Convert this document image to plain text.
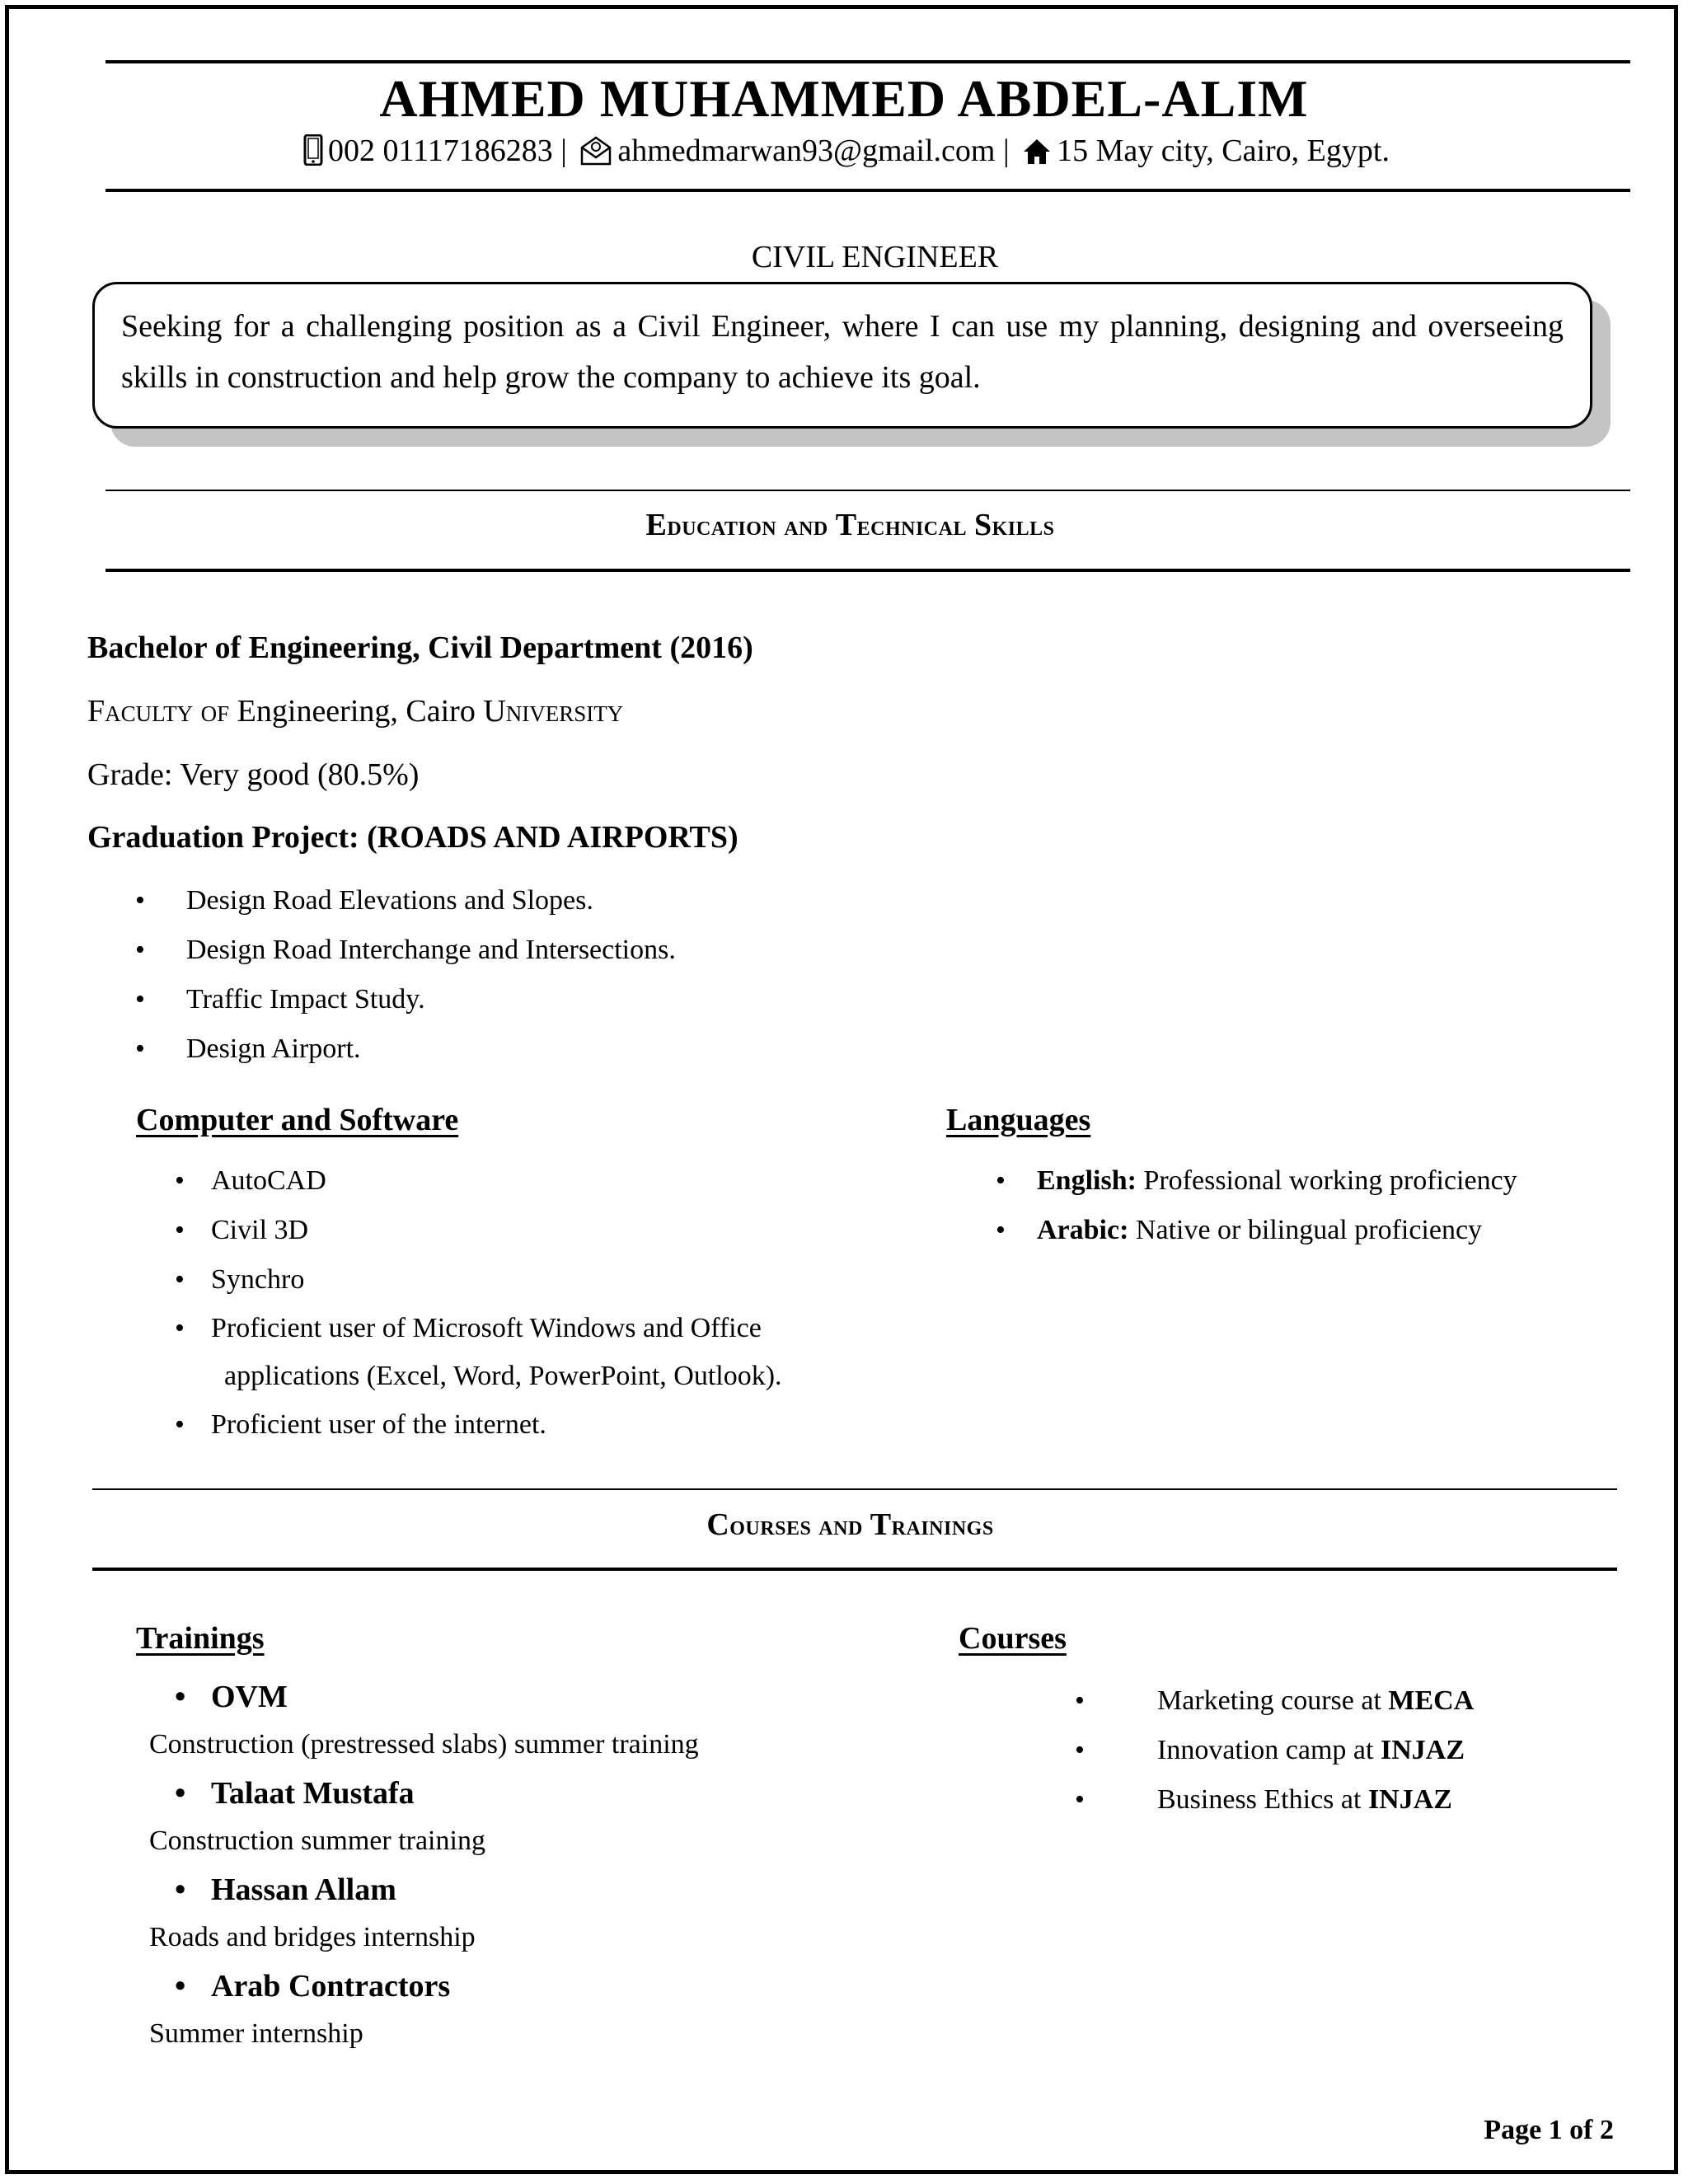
AHMED MUHAMMED ABDEL-ALIM
002 01117186283 | ahmedmarwan93@gmail.com | 15 May city, Cairo, Egypt.
CIVIL ENGINEER
Seeking for a challenging position as a Civil Engineer, where I can use my planning, designing and overseeing skills in construction and help grow the company to achieve its goal.
Education and Technical Skills
Bachelor of Engineering, Civil Department (2016)
Faculty of Engineering, Cairo University
Grade: Very good (80.5%)
Graduation Project: (ROADS AND AIRPORTS)
• Design Road Elevations and Slopes.
• Design Road Interchange and Intersections.
• Traffic Impact Study.
• Design Airport.
Computer and Software
• AutoCAD
• Civil 3D
• Synchro
• Proficient user of Microsoft Windows and Office
applications (Excel, Word, PowerPoint, Outlook).
• Proficient user of the internet.
Languages
• English: Professional working proficiency
• Arabic: Native or bilingual proficiency
Courses and Trainings
Trainings
• OVM
Construction (prestressed slabs) summer training
• Talaat Mustafa
Construction summer training
• Hassan Allam
Roads and bridges internship
• Arab Contractors
Summer internship
Courses
•	Marketing course at MECA
•	Innovation camp at INJAZ
•	Business Ethics at INJAZ
Page 1 of 2
